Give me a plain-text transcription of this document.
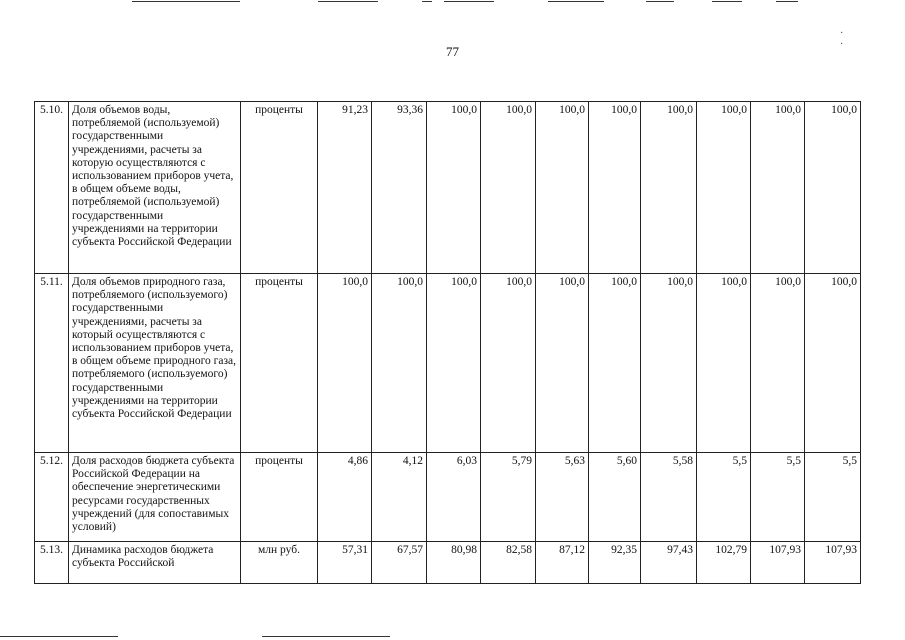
· ·
77
5.10.	Доля объемов воды, потребляемой (используемой) государственными учреждениями, расчеты за которую осуществляются с использованием приборов учета, в общем объеме воды, потребляемой (используемой) государственными учреждениями на территории субъекта Российской Федерации	проценты	91,23	93,36	100,0	100,0	100,0	100,0	100,0	100,0	100,0	100,0
5.11.	Доля объемов природного газа, потребляемого (используемого) государственными учреждениями, расчеты за который осуществляются с использованием приборов учета, в общем объеме природного газа, потребляемого (используемого) государственными учреждениями на территории субъекта Российской Федерации	проценты	100,0	100,0	100,0	100,0	100,0	100,0	100,0	100,0	100,0	100,0
5.12.	Доля расходов бюджета субъекта Российской Федерации на обеспечение энергетическими ресурсами государственных учреждений (для сопоставимых условий)	проценты	4,86	4,12	6,03	5,79	5,63	5,60	5,58	5,5	5,5	5,5
5.13.	Динамика расходов бюджета субъекта Российской	млн руб.	57,31	67,57	80,98	82,58	87,12	92,35	97,43	102,79	107,93	107,93
